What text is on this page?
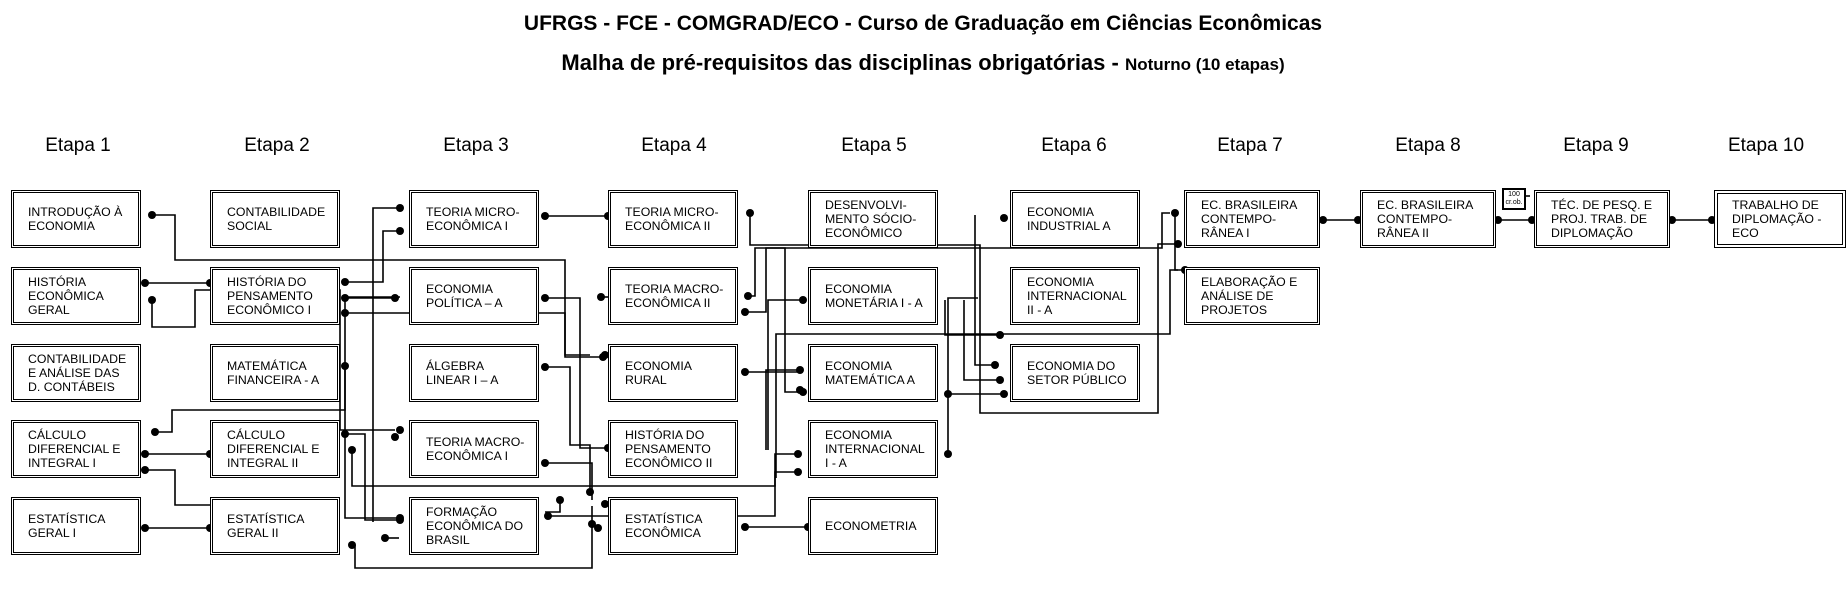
UFRGS - FCE - COMGRAD/ECO - Curso de Graduação em Ciências Econômicas
Malha de pré-requisitos das disciplinas obrigatórias - Noturno (10 etapas)
Etapa 1	Etapa 2	Etapa 3	Etapa 4	Etapa 5	Etapa 6	Etapa 7	Etapa 8	Etapa 9	Etapa 10
INTRODUÇÃO À ECONOMIA
HISTÓRIA ECONÔMICA GERAL
CONTABILIDADE E ANÁLISE DAS D. CONTÁBEIS
CÁLCULO DIFERENCIAL E INTEGRAL I
ESTATÍSTICA GERAL I
CONTABILIDADE SOCIAL
HISTÓRIA DO PENSAMENTO ECONÔMICO I
MATEMÁTICA FINANCEIRA - A
CÁLCULO DIFERENCIAL E INTEGRAL II
ESTATÍSTICA GERAL II
TEORIA MICRO-ECONÔMICA I
ECONOMIA POLÍTICA – A
ÁLGEBRA LINEAR I – A
TEORIA MACRO-ECONÔMICA I
FORMAÇÃO ECONÔMICA DO BRASIL
TEORIA MICRO-ECONÔMICA II
TEORIA MACRO-ECONÔMICA II
ECONOMIA RURAL
HISTÓRIA DO PENSAMENTO ECONÔMICO II
ESTATÍSTICA ECONÔMICA
DESENVOLVI-MENTO SÓCIO-ECONÔMICO
ECONOMIA MONETÁRIA I - A
ECONOMIA MATEMÁTICA A
ECONOMIA INTERNACIONAL I - A
ECONOMETRIA
ECONOMIA INDUSTRIAL A
ECONOMIA INTERNACIONAL II - A
ECONOMIA DO SETOR PÚBLICO
EC. BRASILEIRA CONTEMPO-RÂNEA I
ELABORAÇÃO E ANÁLISE DE PROJETOS
EC. BRASILEIRA CONTEMPO-RÂNEA II
TÉC. DE PESQ. E PROJ. TRAB. DE DIPLOMAÇÃO
100
cr.ob.	TRABALHO DE DIPLOMAÇÃO - ECO
